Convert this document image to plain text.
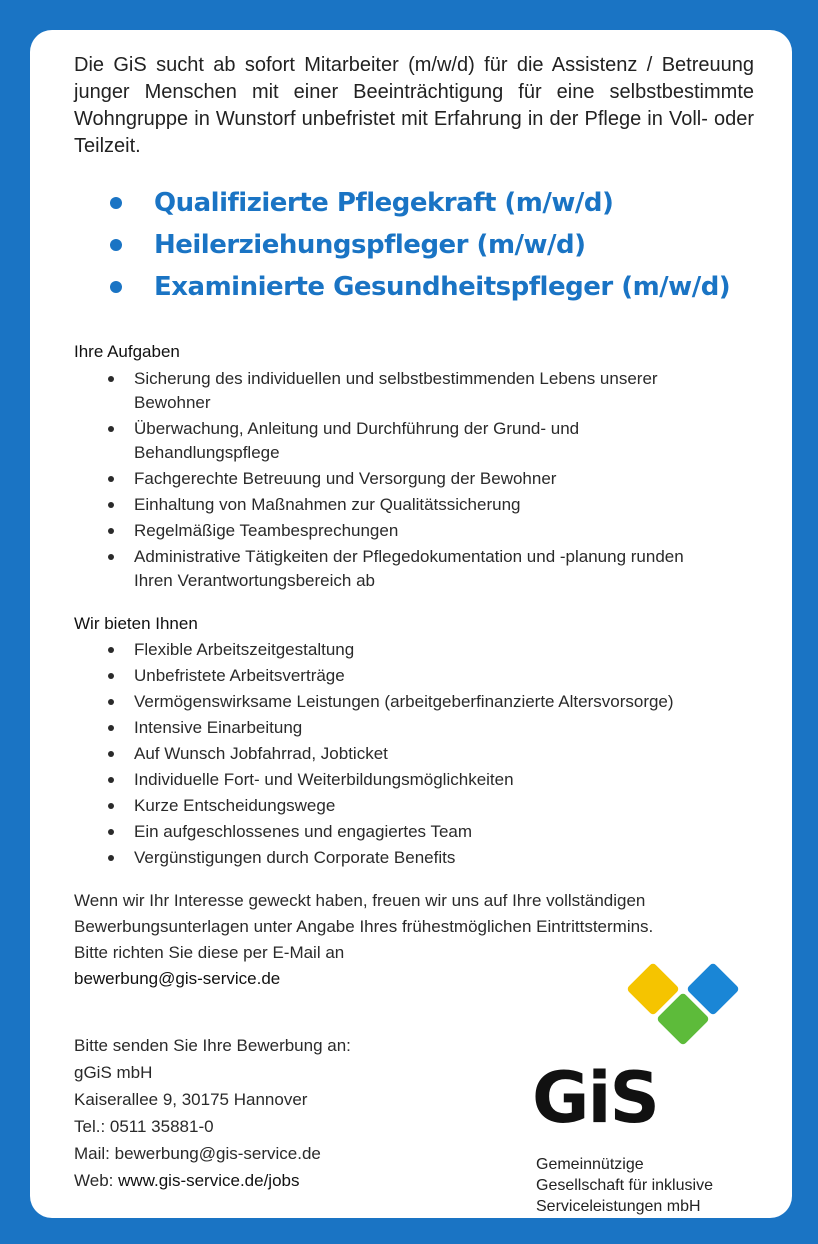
Die GiS sucht ab sofort Mitarbeiter (m/w/d) für die Assistenz / Betreuung junger Menschen mit einer Beeinträchtigung für eine selbstbestimmte Wohngruppe in Wunstorf unbefristet mit Erfahrung in der Pflege in Voll- oder Teilzeit.
Qualifizierte Pflegekraft (m/w/d)
Heilerziehungspfleger (m/w/d)
Examinierte Gesundheitspfleger (m/w/d)
Ihre Aufgaben
Sicherung des individuellen und selbstbestimmenden Lebens unserer Bewohner
Überwachung, Anleitung und Durchführung der Grund- und Behandlungspflege
Fachgerechte Betreuung und Versorgung der Bewohner
Einhaltung von Maßnahmen zur Qualitätssicherung
Regelmäßige Teambesprechungen
Administrative Tätigkeiten der Pflegedokumentation und -planung runden Ihren Verantwortungsbereich ab
Wir bieten Ihnen
Flexible Arbeitszeitgestaltung
Unbefristete Arbeitsverträge
Vermögenswirksame Leistungen (arbeitgeberfinanzierte Altersvorsorge)
Intensive Einarbeitung
Auf Wunsch Jobfahrrad, Jobticket
Individuelle Fort- und Weiterbildungsmöglichkeiten
Kurze Entscheidungswege
Ein aufgeschlossenes und engagiertes Team
Vergünstigungen durch Corporate Benefits
Wenn wir Ihr Interesse geweckt haben, freuen wir uns auf Ihre vollständigen
Bewerbungsunterlagen unter Angabe Ihres frühestmöglichen Eintrittstermins.
Bitte richten Sie diese per E-Mail an
bewerbung@gis-service.de
Bitte senden Sie Ihre Bewerbung an:
gGiS mbH
Kaiserallee 9, 30175 Hannover
Tel.: 0511 35881-0
Mail: bewerbung@gis-service.de
Web: www.gis-service.de/jobs
GiS
Gemeinnützige
Gesellschaft für inklusive
Serviceleistungen mbH
